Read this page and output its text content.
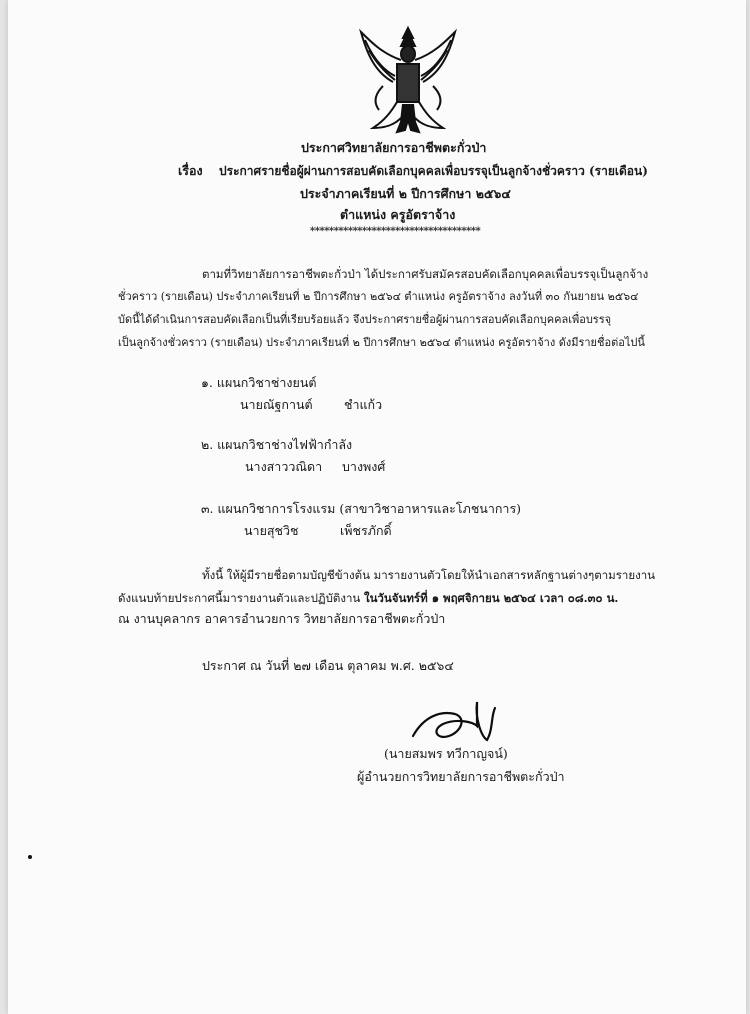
ประกาศวิทยาลัยการอาชีพตะกั่วป่า
เรื่อง ประกาศรายชื่อผู้ผ่านการสอบคัดเลือกบุคคลเพื่อบรรจุเป็นลูกจ้างชั่วคราว (รายเดือน)
ประจำภาคเรียนที่ ๒ ปีการศึกษา ๒๕๖๔
ตำแหน่ง ครูอัตราจ้าง
************************************
ตามที่วิทยาลัยการอาชีพตะกั่วป่า ได้ประกาศรับสมัครสอบคัดเลือกบุคคลเพื่อบรรจุเป็นลูกจ้าง
ชั่วคราว (รายเดือน) ประจำภาคเรียนที่ ๒ ปีการศึกษา ๒๕๖๔ ตำแหน่ง ครูอัตราจ้าง ลงวันที่ ๓๐ กันยายน ๒๕๖๔
บัดนี้ได้ดำเนินการสอบคัดเลือกเป็นที่เรียบร้อยแล้ว จึงประกาศรายชื่อผู้ผ่านการสอบคัดเลือกบุคคลเพื่อบรรจุ
เป็นลูกจ้างชั่วคราว (รายเดือน) ประจำภาคเรียนที่ ๒ ปีการศึกษา ๒๕๖๔ ตำแหน่ง ครูอัตราจ้าง ดังมีรายชื่อต่อไปนี้
๑. แผนกวิชาช่างยนต์
นายณัฐกานต์	ชำแก้ว
๒. แผนกวิชาช่างไฟฟ้ากำลัง
นางสาววณิดา บางพงศ์
๓. แผนกวิชาการโรงแรม (สาขาวิชาอาหารและโภชนาการ)
นายสุชวิช	เพ็ชรภักดิ์
ทั้งนี้ ให้ผู้มีรายชื่อตามบัญชีข้างต้น มารายงานตัวโดยให้นำเอกสารหลักฐานต่างๆตามรายงาน
ดังแนบท้ายประกาศนี้มารายงานตัวและปฏิบัติงาน ในวันจันทร์ที่ ๑ พฤศจิกายน ๒๕๖๔ เวลา ๐๘.๓๐ น.
ณ งานบุคลากร อาคารอำนวยการ วิทยาลัยการอาชีพตะกั่วป่า
ประกาศ ณ วันที่ ๒๗ เดือน ตุลาคม พ.ศ. ๒๕๖๔
(นายสมพร ทวีกาญจน์)
ผู้อำนวยการวิทยาลัยการอาชีพตะกั่วป่า
